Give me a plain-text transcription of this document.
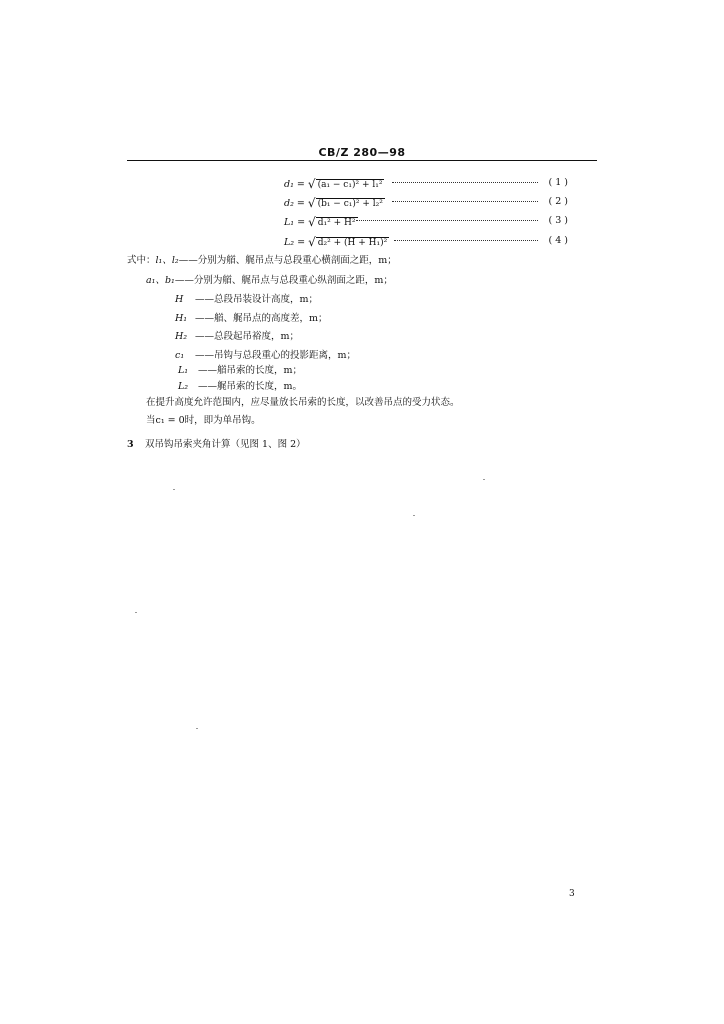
CB/Z 280—98
d₁ = √ (a₁ − c₁)² + l₁²	( 1 )
d₂ = √ (b₁ − c₁)² + l₂²	( 2 )
L₁ = √ d₁² + H²	( 3 )
L₂ = √ d₂² + (H + H₁)²	( 4 )
式中：l₁、l₂——分别为艏、艉吊点与总段重心横剖面之距，m；
a₁、b₁——分别为艏、艉吊点与总段重心纵剖面之距，m；
H ——总段吊装设计高度，m；
H₁ ——艏、艉吊点的高度差，m；
H₂ ——总段起吊裕度，m；
c₁ ——吊钩与总段重心的投影距离，m；
L₁ ——艏吊索的长度，m；
L₂ ——艉吊索的长度，m。
在提升高度允许范围内，应尽量放长吊索的长度，以改善吊点的受力状态。
当c₁ = 0时，即为单吊钩。
3 双吊钩吊索夹角计算（见图 1、图 2）
3
